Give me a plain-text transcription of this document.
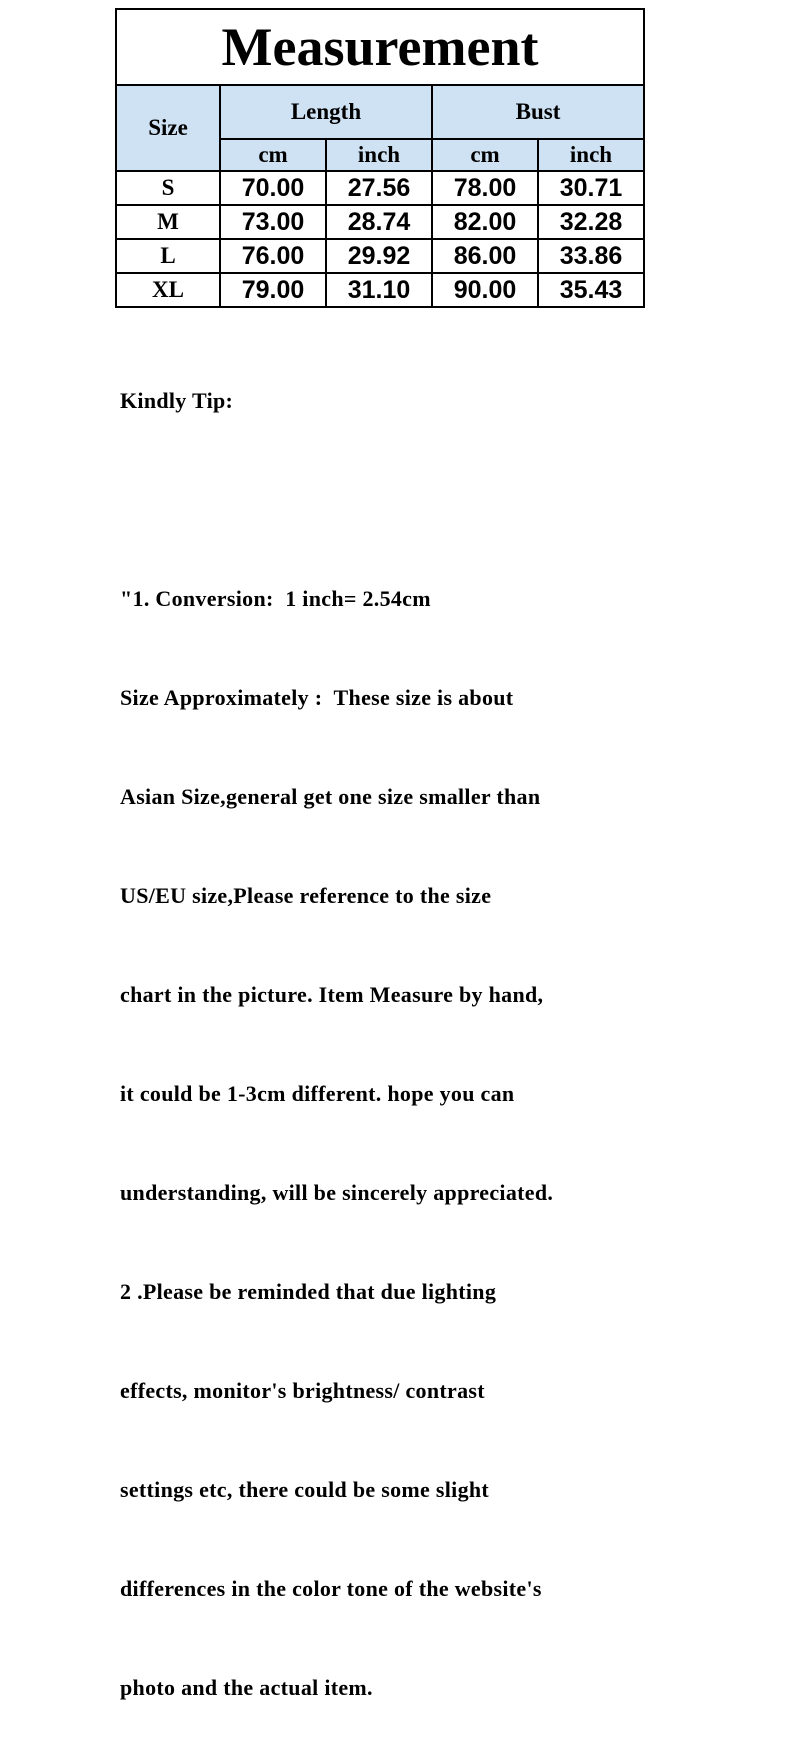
Measurement				
Size	Length		Bust	
	cm	inch	cm	inch
S	70.00	27.56	78.00	30.71
M	73.00	28.74	82.00	32.28
L	76.00	29.92	86.00	33.86
XL	79.00	31.10	90.00	35.43

Kindly Tip:

"1. Conversion:  1 inch= 2.54cm

Size Approximately :  These size is about

Asian Size,general get one size smaller than

US/EU size,Please reference to the size

chart in the picture. Item Measure by hand,

it could be 1-3cm different. hope you can

understanding, will be sincerely appreciated.

2 .Please be reminded that due lighting

effects, monitor's brightness/ contrast

settings etc, there could be some slight

differences in the color tone of the website's

photo and the actual item.
